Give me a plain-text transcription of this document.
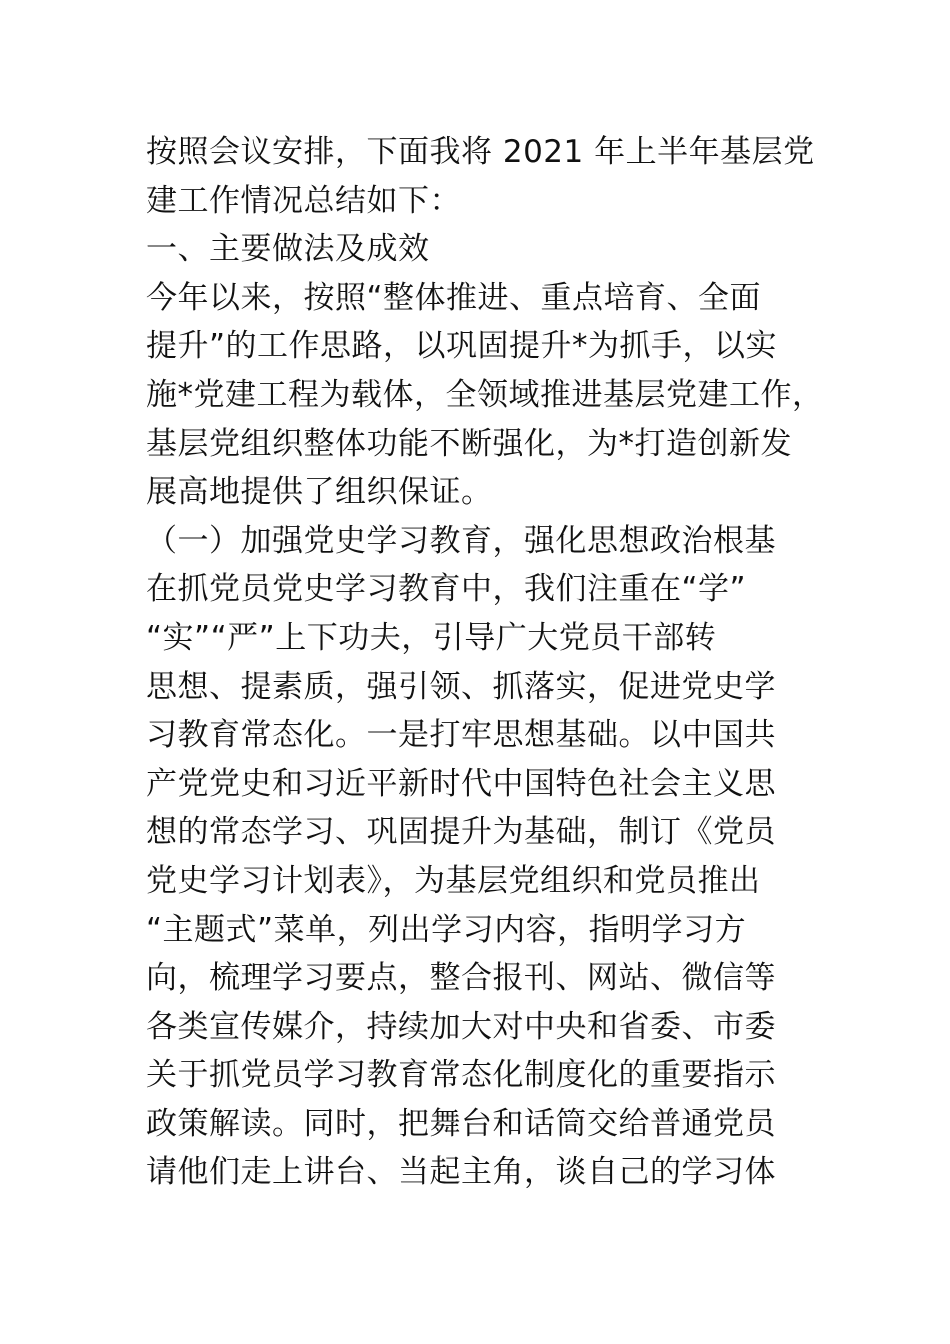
按照会议安排，下面我将 2021 年上半年基层党
建工作情况总结如下：
一、主要做法及成效
今年以来，按照“整体推进、重点培育、全面
提升”的工作思路，以巩固提升*为抓手，以实
施*党建工程为载体，全领域推进基层党建工作，
基层党组织整体功能不断强化，为*打造创新发
展高地提供了组织保证。
（一）加强党史学习教育，强化思想政治根基
在抓党员党史学习教育中，我们注重在“学”
“实”“严”上下功夫，引导广大党员干部转
思想、提素质，强引领、抓落实，促进党史学
习教育常态化。一是打牢思想基础。以中国共
产党党史和习近平新时代中国特色社会主义思
想的常态学习、巩固提升为基础，制订《党员
党史学习计划表》，为基层党组织和党员推出
“主题式”菜单，列出学习内容，指明学习方
向，梳理学习要点，整合报刊、网站、微信等
各类宣传媒介，持续加大对中央和省委、市委
关于抓党员学习教育常态化制度化的重要指示
政策解读。同时，把舞台和话筒交给普通党员
请他们走上讲台、当起主角，谈自己的学习体
